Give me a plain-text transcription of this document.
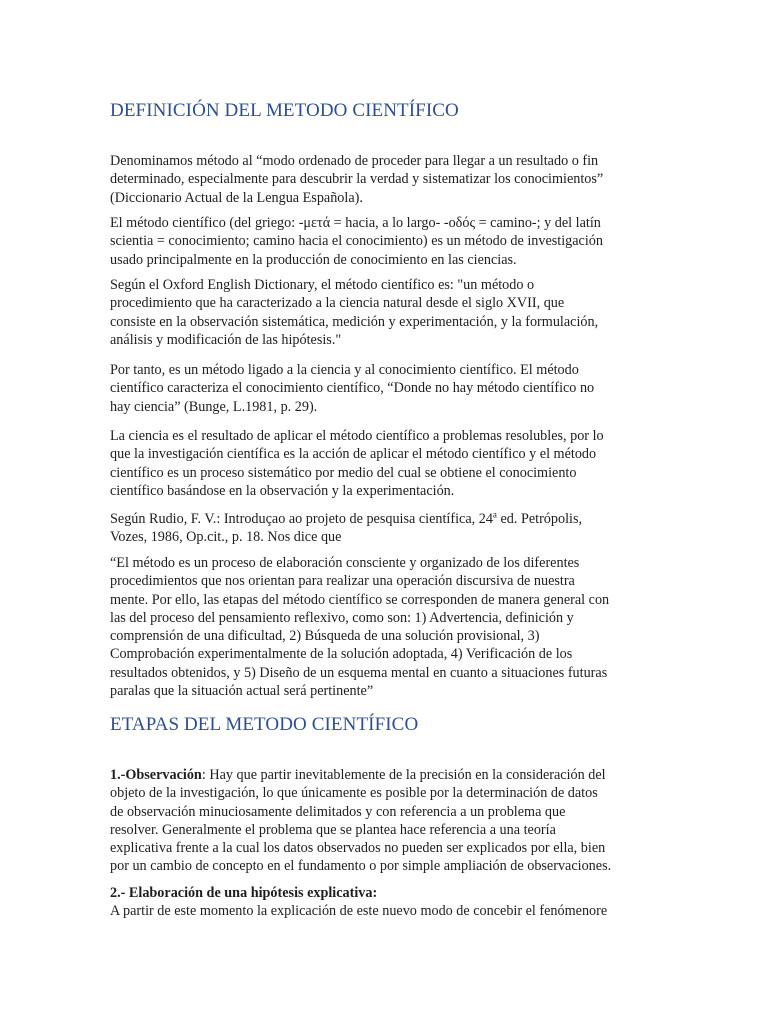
DEFINICIÓN DEL METODO CIENTÍFICO

Denominamos método al “modo ordenado de proceder para llegar a un resultado o fin
determinado, especialmente para descubrir la verdad y sistematizar los conocimientos”
(Diccionario Actual de la Lengua Española).

El método científico (del griego: -μετά = hacia, a lo largo- -οδός = camino-; y del latín
scientia = conocimiento; camino hacia el conocimiento) es un método de investigación
usado principalmente en la producción de conocimiento en las ciencias.

Según el Oxford English Dictionary, el método científico es: "un método o
procedimiento que ha caracterizado a la ciencia natural desde el siglo XVII, que
consiste en la observación sistemática, medición y experimentación, y la formulación,
análisis y modificación de las hipótesis."

Por tanto, es un método ligado a la ciencia y al conocimiento científico. El método
científico caracteriza el conocimiento científico, “Donde no hay método científico no
hay ciencia” (Bunge, L.1981, p. 29).

La ciencia es el resultado de aplicar el método científico a problemas resolubles, por lo
que la investigación científica es la acción de aplicar el método científico y el método
científico es un proceso sistemático por medio del cual se obtiene el conocimiento
científico basándose en la observación y la experimentación.

Según Rudio, F. V.: Introduçao ao projeto de pesquisa científica, 24$^a$ ed. Petrópolis,
Vozes, 1986, Op.cit., p. 18. Nos dice que

“El método es un proceso de elaboración consciente y organizado de los diferentes
procedimientos que nos orientan para realizar una operación discursiva de nuestra
mente. Por ello, las etapas del método científico se corresponden de manera general con
las del proceso del pensamiento reflexivo, como son: 1) Advertencia, definición y
comprensión de una dificultad, 2) Búsqueda de una solución provisional, 3)
Comprobación experimentalmente de la solución adoptada, 4) Verificación de los
resultados obtenidos, y 5) Diseño de un esquema mental en cuanto a situaciones futuras
paralas que la situación actual será pertinente”

ETAPAS DEL METODO CIENTÍFICO

1.-Observación: Hay que partir inevitablemente de la precisión en la consideración del
objeto de la investigación, lo que únicamente es posible por la determinación de datos
de observación minuciosamente delimitados y con referencia a un problema que
resolver. Generalmente el problema que se plantea hace referencia a una teoría
explicativa frente a la cual los datos observados no pueden ser explicados por ella, bien
por un cambio de concepto en el fundamento o por simple ampliación de observaciones.

2.- Elaboración de una hipótesis explicativa:
A partir de este momento la explicación de este nuevo modo de concebir el fenómenore
